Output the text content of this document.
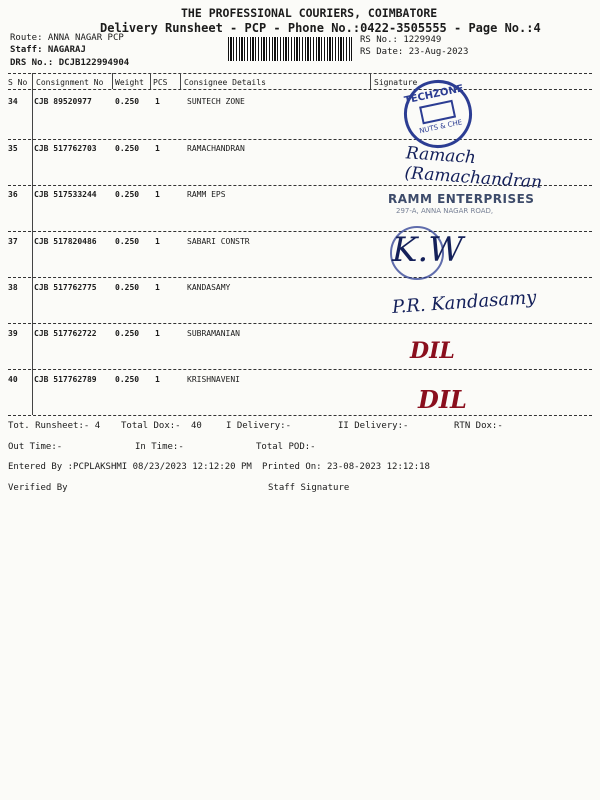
THE PROFESSIONAL COURIERS, COIMBATORE
Delivery Runsheet - PCP - Phone No.:0422-3505555 - Page No.:4
Route: ANNA NAGAR PCP
Staff: NAGARAJ
DRS No.: DCJB122994904
RS No.: 1229949
RS Date: 23-Aug-2023
S No Consignment No Weight PCS Consignee Details	Signature
34 CJB 89520977	0.250 1	SUNTECH ZONE
35 CJB 517762703 0.250 1	RAMACHANDRAN
36 CJB 517533244 0.250 1	RAMM EPS
37 CJB 517820486 0.250 1	SABARI CONSTR
38 CJB 517762775 0.250 1	KANDASAMY
39 CJB 517762722 0.250 1	SUBRAMANIAN
40 CJB 517762789 0.250 1	KRISHNAVENI
TECHZONE
NUTS & CHE
Ramach (Ramachandran
RAMM ENTERPRISES
297-A, ANNA NAGAR ROAD,
K.W
P.R. Kandasamy
DIL
DIL
Tot. Runsheet:- 4 Total Dox:- 40	I Delivery:-	II Delivery:-	RTN Dox:-
Out Time:-	In Time:-	Total POD:-
Entered By :PCPLAKSHMI 08/23/2023 12:12:20 PM Printed On: 23-08-2023 12:12:18
Verified By	Staff Signature
